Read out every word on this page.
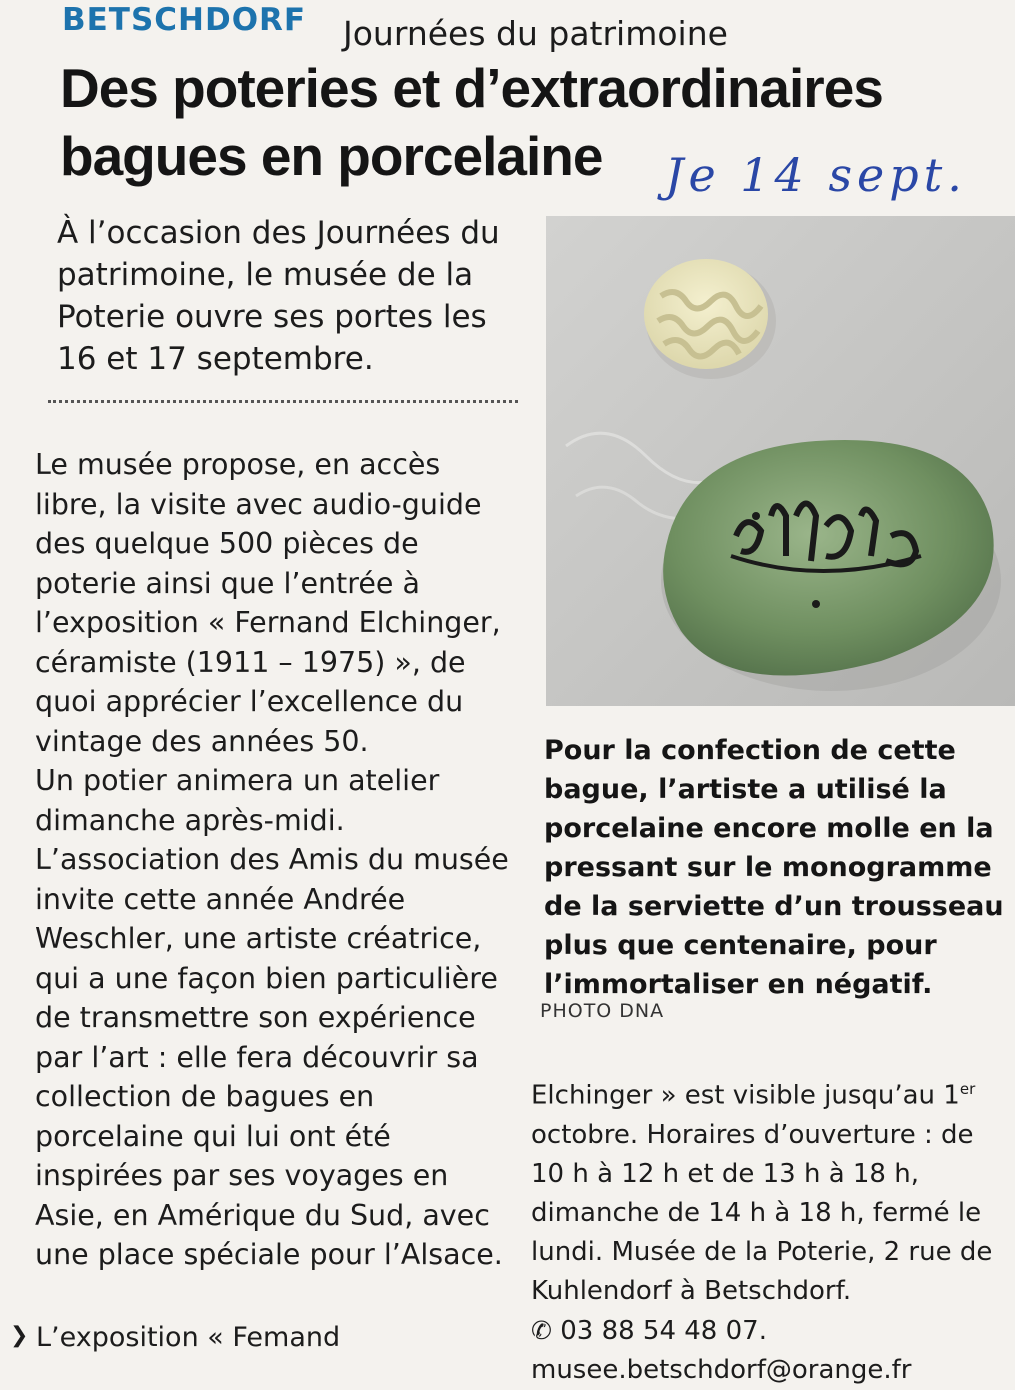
BETSCHDORF Journées du patrimoine
Des poteries et d’extraordinaires bagues en porcelaine	Je 14 sept.
À l’occasion des Journées du patrimoine, le musée de la Poterie ouvre ses portes les 16 et 17 septembre.

Le musée propose, en accès libre, la visite avec audio-guide des quelque 500 pièces de poterie ainsi que l’entrée à l’exposition « Fernand Elchinger, céramiste (1911 – 1975) », de quoi apprécier l’excellence du vintage des années 50.

Un potier animera un atelier dimanche après-midi.

L’association des Amis du musée invite cette année Andrée Weschler, une artiste créatrice, qui a une façon bien particulière de transmettre son expérience par l’art : elle fera découvrir sa collection de bagues en porcelaine qui lui ont été inspirées par ses voyages en Asie, en Amérique du Sud, avec une place spéciale pour l’Alsace.

❯ L’exposition « Femand
Pour la confection de cette bague, l’artiste a utilisé la porcelaine encore molle en la pressant sur le monogramme de la serviette d’un trousseau plus que centenaire, pour l’immortaliser en négatif.
PHOTO DNA

Elchinger » est visible jusqu’au 1er octobre. Horaires d’ouverture : de 10 h à 12 h et de 13 h à 18 h, dimanche de 14 h à 18 h, fermé le lundi. Musée de la Poterie, 2 rue de Kuhlendorf à Betschdorf.

✆ 03 88 54 48 07.

musee.betschdorf@orange.fr
